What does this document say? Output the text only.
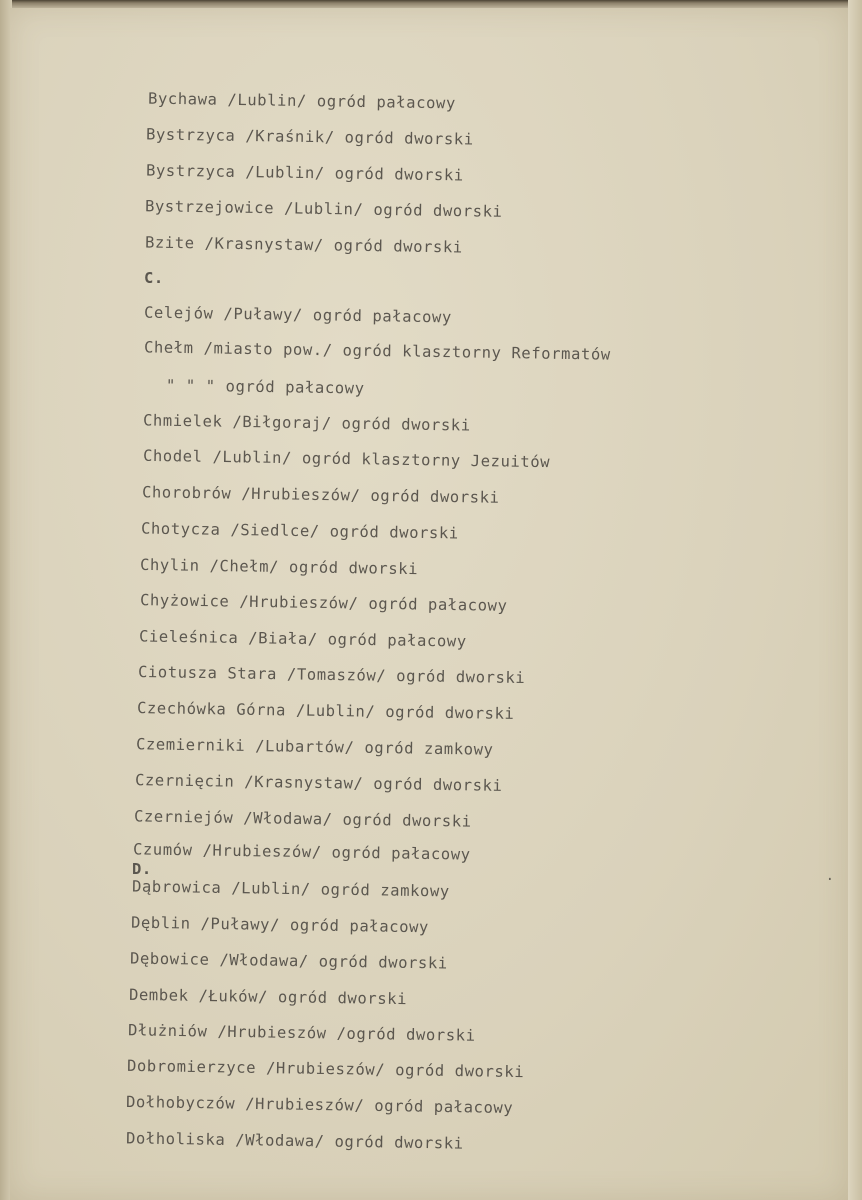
Bychawa /Lublin/ ogród pałacowy
Bystrzyca /Kraśnik/ ogród dworski
Bystrzyca /Lublin/ ogród dworski
Bystrzejowice /Lublin/ ogród dworski
Bzite /Krasnystaw/ ogród dworski
C.
Celejów /Puławy/ ogród pałacowy
Chełm /miasto pow./ ogród klasztorny Reformatów
" " " ogród pałacowy
Chmielek /Biłgoraj/ ogród dworski
Chodel /Lublin/ ogród klasztorny Jezuitów
Chorobrów /Hrubieszów/ ogród dworski
Chotycza /Siedlce/ ogród dworski
Chylin /Chełm/ ogród dworski
Chyżowice /Hrubieszów/ ogród pałacowy
Cieleśnica /Biała/ ogród pałacowy
Ciotusza Stara /Tomaszów/ ogród dworski
Czechówka Górna /Lublin/ ogród dworski
Czemierniki /Lubartów/ ogród zamkowy
Czernięcin /Krasnystaw/ ogród dworski
Czerniejów /Włodawa/ ogród dworski
Czumów /Hrubieszów/ ogród pałacowy
D.
Dąbrowica /Lublin/ ogród zamkowy
Dęblin /Puławy/ ogród pałacowy
Dębowice /Włodawa/ ogród dworski
Dembek /Łuków/ ogród dworski
Dłużniów /Hrubieszów /ogród dworski
Dobromierzyce /Hrubieszów/ ogród dworski
Dołhobyczów /Hrubieszów/ ogród pałacowy
Dołholiska /Włodawa/ ogród dworski
·
